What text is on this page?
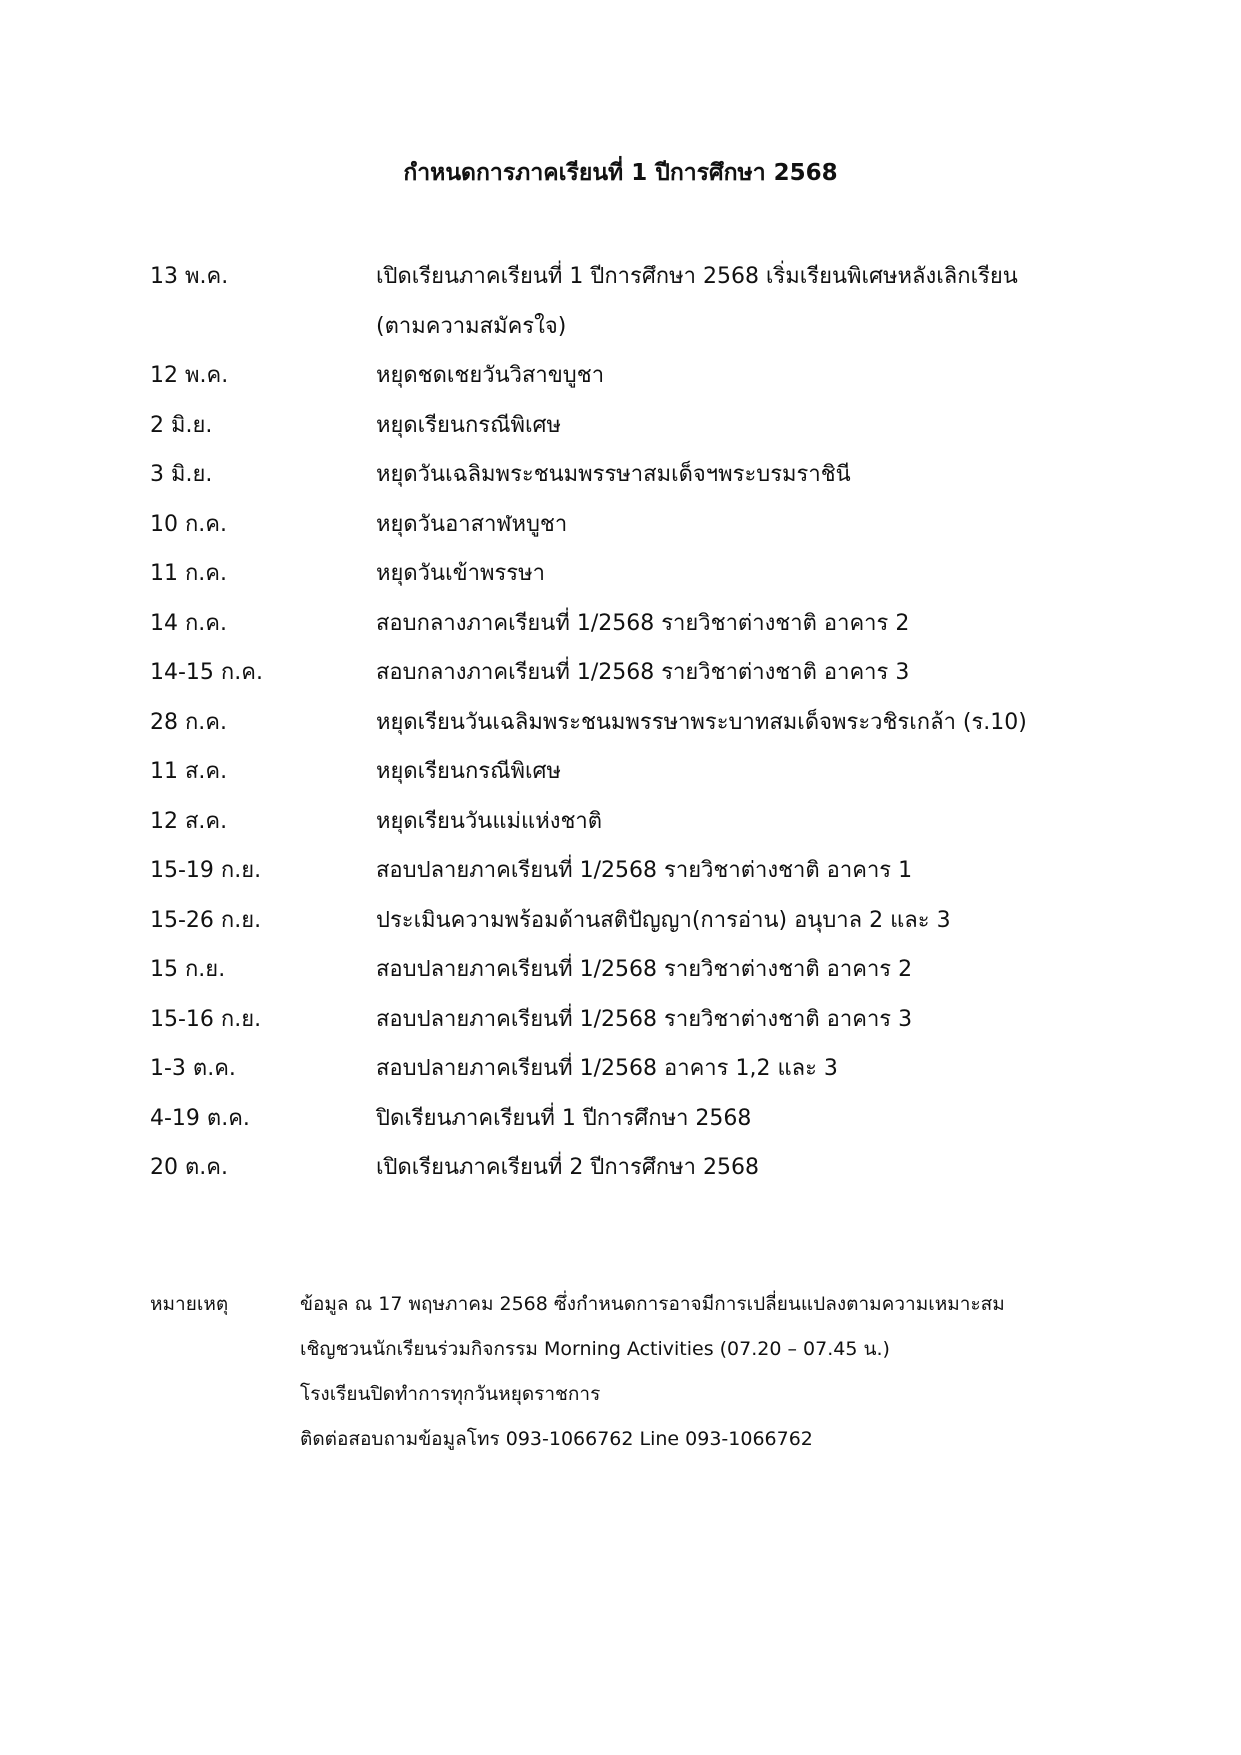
กำหนดการภาคเรียนที่ 1 ปีการศึกษา 2568
13 พ.ค.	เปิดเรียนภาคเรียนที่ 1 ปีการศึกษา 2568 เริ่มเรียนพิเศษหลังเลิกเรียน
(ตามความสมัครใจ)
12 พ.ค.	หยุดชดเชยวันวิสาขบูชา
2 มิ.ย.	หยุดเรียนกรณีพิเศษ
3 มิ.ย.	หยุดวันเฉลิมพระชนมพรรษาสมเด็จฯพระบรมราชินี
10 ก.ค.	หยุดวันอาสาฬหบูชา
11 ก.ค.	หยุดวันเข้าพรรษา
14 ก.ค.	สอบกลางภาคเรียนที่ 1/2568 รายวิชาต่างชาติ อาคาร 2
14-15 ก.ค.	สอบกลางภาคเรียนที่ 1/2568 รายวิชาต่างชาติ อาคาร 3
28 ก.ค.	หยุดเรียนวันเฉลิมพระชนมพรรษาพระบาทสมเด็จพระวชิรเกล้า (ร.10)
11 ส.ค.	หยุดเรียนกรณีพิเศษ
12 ส.ค.	หยุดเรียนวันแม่แห่งชาติ
15-19 ก.ย.	สอบปลายภาคเรียนที่ 1/2568 รายวิชาต่างชาติ อาคาร 1
15-26 ก.ย.	ประเมินความพร้อมด้านสติปัญญา(การอ่าน) อนุบาล 2 และ 3
15 ก.ย.	สอบปลายภาคเรียนที่ 1/2568 รายวิชาต่างชาติ อาคาร 2
15-16 ก.ย.	สอบปลายภาคเรียนที่ 1/2568 รายวิชาต่างชาติ อาคาร 3
1-3 ต.ค.	สอบปลายภาคเรียนที่ 1/2568 อาคาร 1,2 และ 3
4-19 ต.ค.	ปิดเรียนภาคเรียนที่ 1 ปีการศึกษา 2568
20 ต.ค.	เปิดเรียนภาคเรียนที่ 2 ปีการศึกษา 2568
หมายเหตุ	ข้อมูล ณ 17 พฤษภาคม 2568 ซึ่งกำหนดการอาจมีการเปลี่ยนแปลงตามความเหมาะสม
เชิญชวนนักเรียนร่วมกิจกรรม Morning Activities (07.20 – 07.45 น.)
โรงเรียนปิดทำการทุกวันหยุดราชการ
ติดต่อสอบถามข้อมูลโทร 093-1066762 Line 093-1066762
